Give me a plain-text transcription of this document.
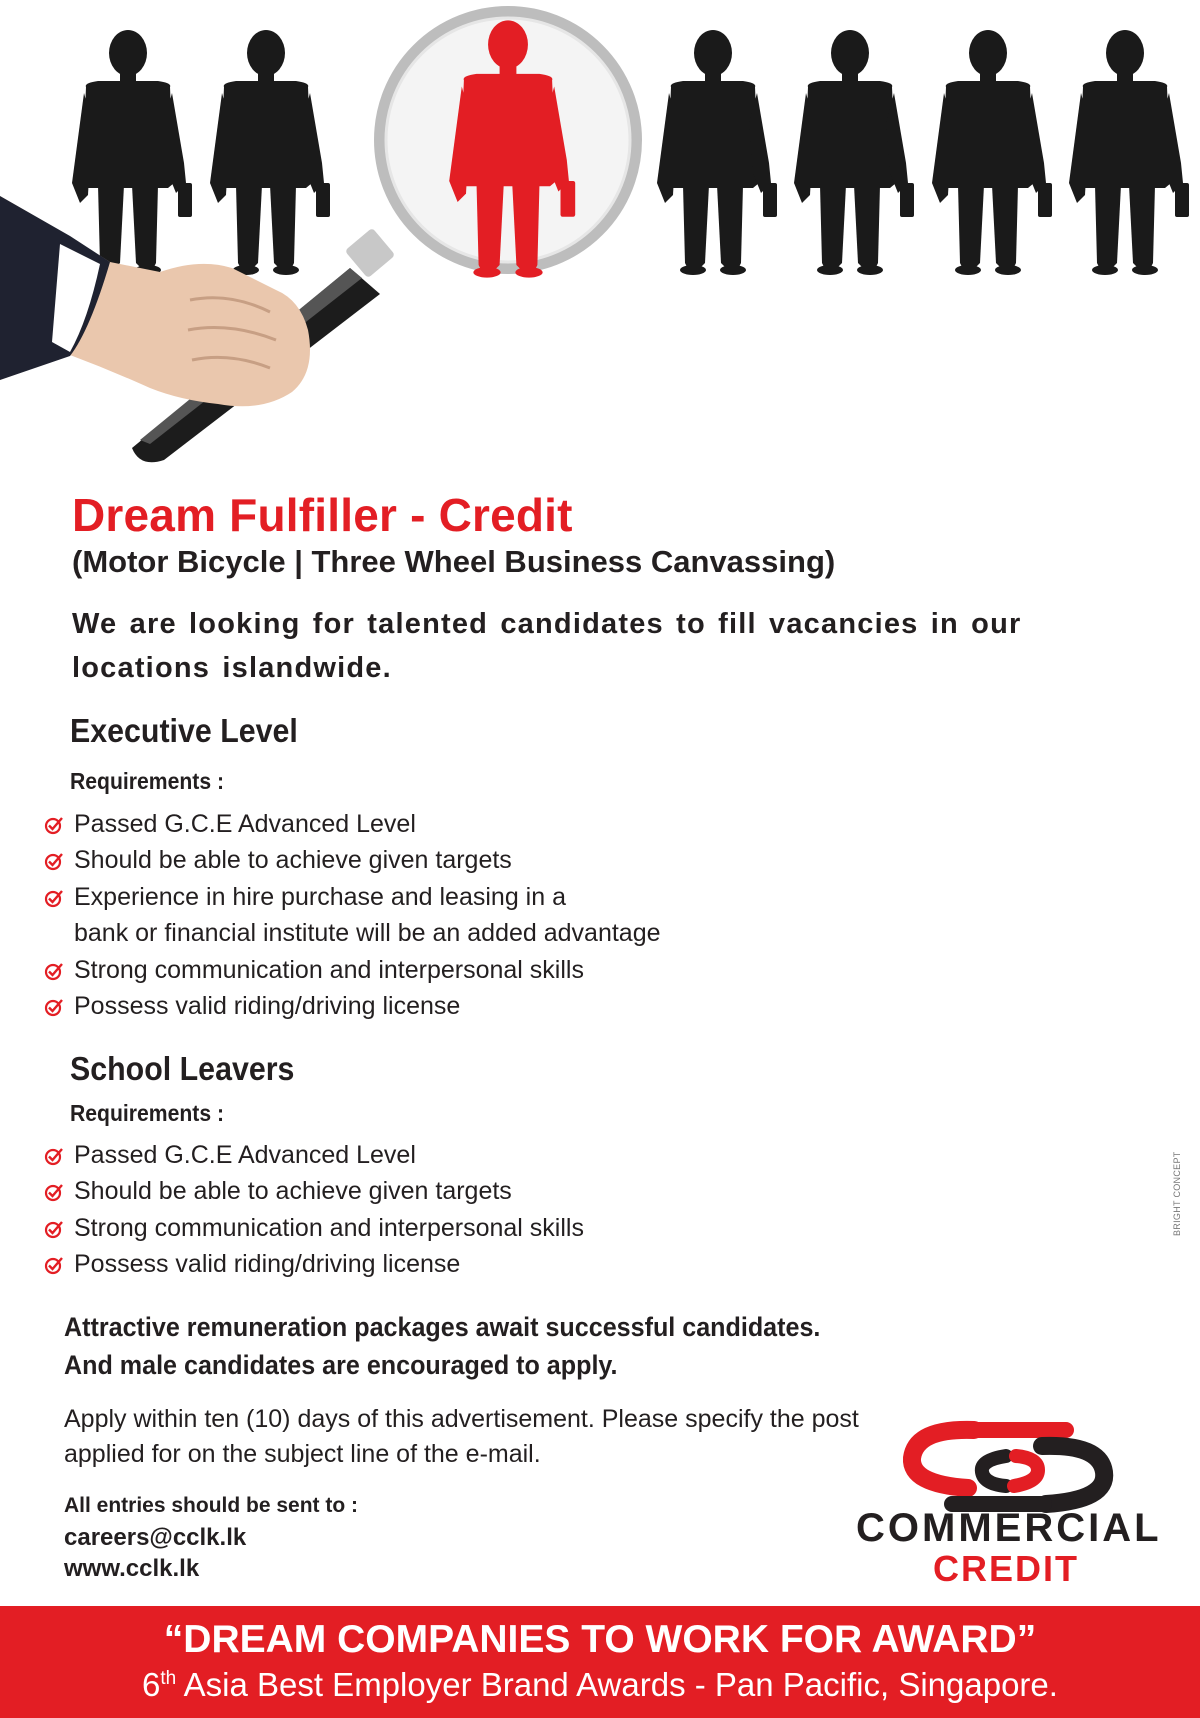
Dream Fulfiller - Credit

(Motor Bicycle | Three Wheel Business Canvassing)

We are looking for talented candidates to fill vacancies in our locations islandwide.

Executive Level

Requirements :

Passed G.C.E Advanced Level
Should be able to achieve given targets
Experience in hire purchase and leasing in a
bank or financial institute will be an added advantage
Strong communication and interpersonal skills
Possess valid riding/driving license
School Leavers

Requirements :

Passed G.C.E Advanced Level
Should be able to achieve given targets
Strong communication and interpersonal skills
Possess valid riding/driving license
Attractive remuneration packages await successful candidates.
And male candidates are encouraged to apply.

Apply within ten (10) days of this advertisement. Please specify the post applied for on the subject line of the e-mail.

All entries should be sent to :

careers@cclk.lk
www.cclk.lk
BRIGHT CONCEPT

COMMERCIAL

CREDIT

“DREAM COMPANIES TO WORK FOR AWARD”

6th Asia Best Employer Brand Awards - Pan Pacific, Singapore.
